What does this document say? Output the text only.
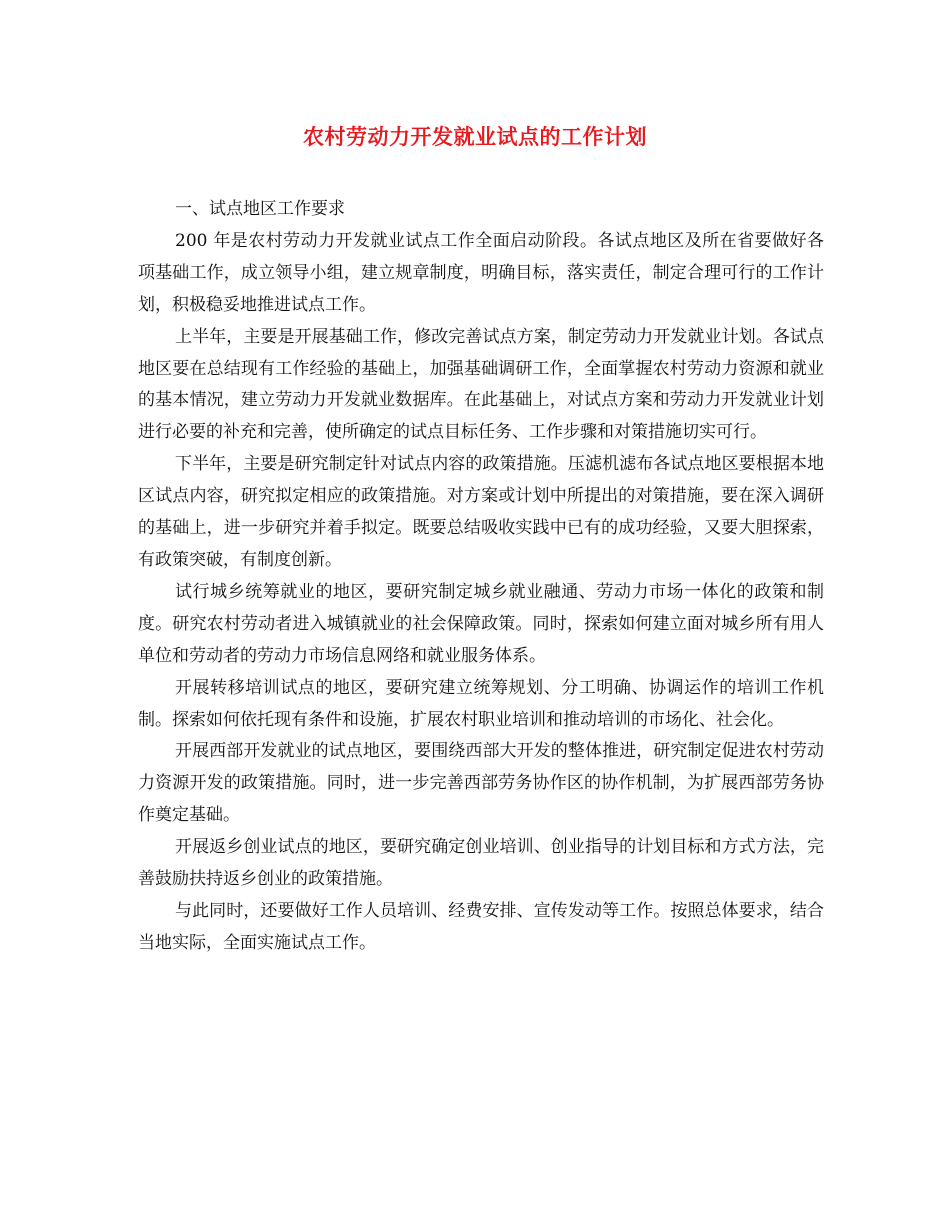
农村劳动力开发就业试点的工作计划

一、试点地区工作要求

200 年是农村劳动力开发就业试点工作全面启动阶段。各试点地区及所在省要做好各项基础工作，成立领导小组，建立规章制度，明确目标，落实责任，制定合理可行的工作计划，积极稳妥地推进试点工作。

上半年，主要是开展基础工作，修改完善试点方案，制定劳动力开发就业计划。各试点地区要在总结现有工作经验的基础上，加强基础调研工作，全面掌握农村劳动力资源和就业的基本情况，建立劳动力开发就业数据库。在此基础上，对试点方案和劳动力开发就业计划进行必要的补充和完善，使所确定的试点目标任务、工作步骤和对策措施切实可行。

下半年，主要是研究制定针对试点内容的政策措施。压滤机滤布各试点地区要根据本地区试点内容，研究拟定相应的政策措施。对方案或计划中所提出的对策措施，要在深入调研的基础上，进一步研究并着手拟定。既要总结吸收实践中已有的成功经验，又要大胆探索，有政策突破，有制度创新。

试行城乡统筹就业的地区，要研究制定城乡就业融通、劳动力市场一体化的政策和制度。研究农村劳动者进入城镇就业的社会保障政策。同时，探索如何建立面对城乡所有用人单位和劳动者的劳动力市场信息网络和就业服务体系。

开展转移培训试点的地区，要研究建立统筹规划、分工明确、协调运作的培训工作机制。探索如何依托现有条件和设施，扩展农村职业培训和推动培训的市场化、社会化。

开展西部开发就业的试点地区，要围绕西部大开发的整体推进，研究制定促进农村劳动力资源开发的政策措施。同时，进一步完善西部劳务协作区的协作机制，为扩展西部劳务协作奠定基础。

开展返乡创业试点的地区，要研究确定创业培训、创业指导的计划目标和方式方法，完善鼓励扶持返乡创业的政策措施。

与此同时，还要做好工作人员培训、经费安排、宣传发动等工作。按照总体要求，结合当地实际，全面实施试点工作。
